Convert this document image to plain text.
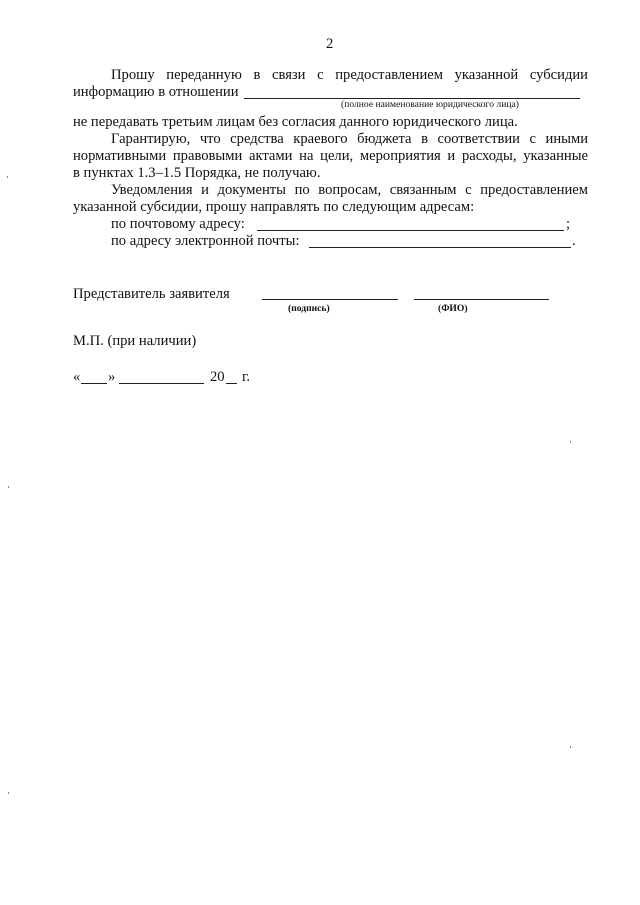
2
Прошу переданную в связи с предоставлением указанной субсидии
информацию в отношении
(полное наименование юридического лица)
не передавать третьим лицам без согласия данного юридического лица.
Гарантирую, что средства краевого бюджета в соответствии с иными
нормативными правовыми актами на цели, мероприятия и расходы, указанные
в пунктах 1.3–1.5 Порядка, не получаю.
Уведомления и документы по вопросам, связанным с предоставлением
указанной субсидии, прошу направлять по следующим адресам:
по почтовому адресу:	;
по адресу электронной почты:	.
Представитель заявителя
(подпись)	(ФИО)
М.П. (при наличии)
« »	20 г.
